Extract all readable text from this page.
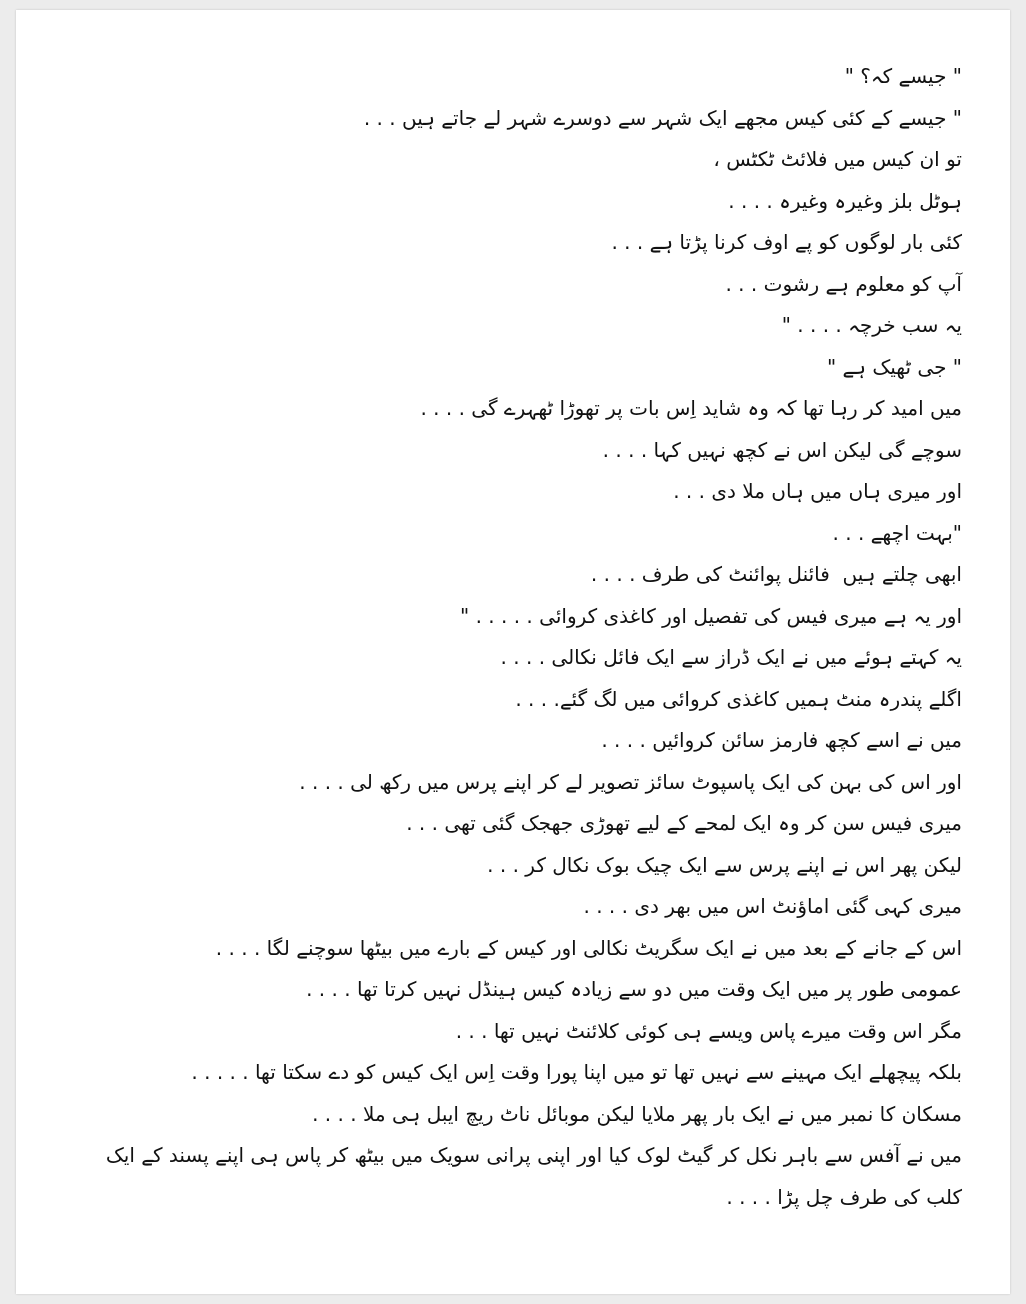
" جیسے کہ؟ "
" جیسے کے کئی کیس مجھے ایک شہر سے دوسرے شہر لے جاتے ہیں . . .
تو ان کیس میں فلائٹ ٹکٹس ،
ہوٹل بلز وغیرہ وغیرہ . . . .
کئی بار لوگوں کو پے اوف کرنا پڑتا ہے . . .
آپ کو معلوم ہے رشوت . . .
یہ سب خرچہ . . . . "
" جی ٹھیک ہے "
میں امید کر رہا تھا کہ وہ شاید اِس بات پر تھوڑا ٹھہرے گی . . . .
سوچے گی لیکن اس نے کچھ نہیں کہا . . . .
اور میری ہاں میں ہاں ملا دی . . .
"بہت اچھے . . .
ابھی چلتے ہیں  فائنل پوائنٹ کی طرف . . . .
اور یہ ہے میری فیس کی تفصیل اور کاغذی کروائی . . . . . "
یہ کہتے ہوئے میں نے ایک ڈراز سے ایک فائل نکالی . . . .
اگلے پندرہ منٹ ہمیں کاغذی کروائی میں لگ گئے. . . .
میں نے اسے کچھ فارمز سائن کروائیں . . . .
اور اس کی بہن کی ایک پاسپوٹ سائز تصویر لے کر اپنے پرس میں رکھ لی . . . .
میری فیس سن کر وہ ایک لمحے کے لیے تھوڑی جھجک گئی تھی . . .
لیکن پھر اس نے اپنے پرس سے ایک چیک بوک نکال کر . . .
میری کہی گئی اماؤنٹ اس میں بھر دی . . . .
اس کے جانے کے بعد میں نے ایک سگریٹ نکالی اور کیس کے بارے میں بیٹھا سوچنے لگا . . . .
عمومی طور پر میں ایک وقت میں دو سے زیادہ کیس ہینڈل نہیں کرتا تھا . . . .
مگر اس وقت میرے پاس ویسے ہی کوئی کلائنٹ نہیں تھا . . .
بلکہ پیچھلے ایک مہینے سے نہیں تھا تو میں اپنا پورا وقت اِس ایک کیس کو دے سکتا تھا . . . . .
مسکان کا نمبر میں نے ایک بار پھر ملایا لیکن موبائل ناٹ ریچ ایبل ہی ملا . . . .
میں نے آفس سے باہر نکل کر گیٹ لوک کیا اور اپنی پرانی سویک میں بیٹھ کر پاس ہی اپنے پسند کے ایک
کلب کی طرف چل پڑا . . . .
